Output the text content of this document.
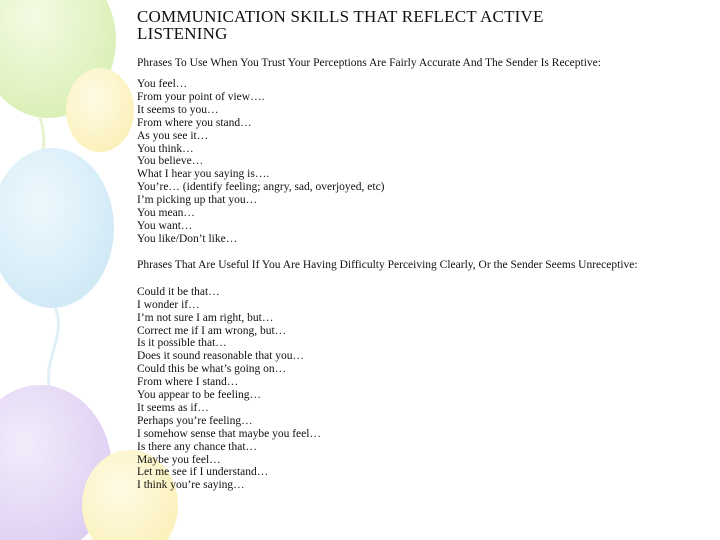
COMMUNICATION SKILLS THAT REFLECT ACTIVE
LISTENING

Phrases To Use When You Trust Your Perceptions Are Fairly Accurate And The Sender Is Receptive:

You feel…
From your point of view….
It seems to you…
From where you stand…
As you see it…
You think…
You believe…
What I hear you saying is….
You’re… (identify feeling; angry, sad, overjoyed, etc)
I’m picking up that you…
You mean…
You want…
You like/Don’t like…

Phrases That Are Useful If You Are Having Difficulty Perceiving Clearly, Or the Sender Seems Unreceptive:

Could it be that…
I wonder if…
I’m not sure I am right, but…
Correct me if I am wrong, but…
Is it possible that…
Does it sound reasonable that you…
Could this be what’s going on…
From where I stand…
You appear to be feeling…
It seems as if…
Perhaps you’re feeling…
I somehow sense that maybe you feel…
Is there any chance that…
Maybe you feel…
Let me see if I understand…
I think you’re saying…
